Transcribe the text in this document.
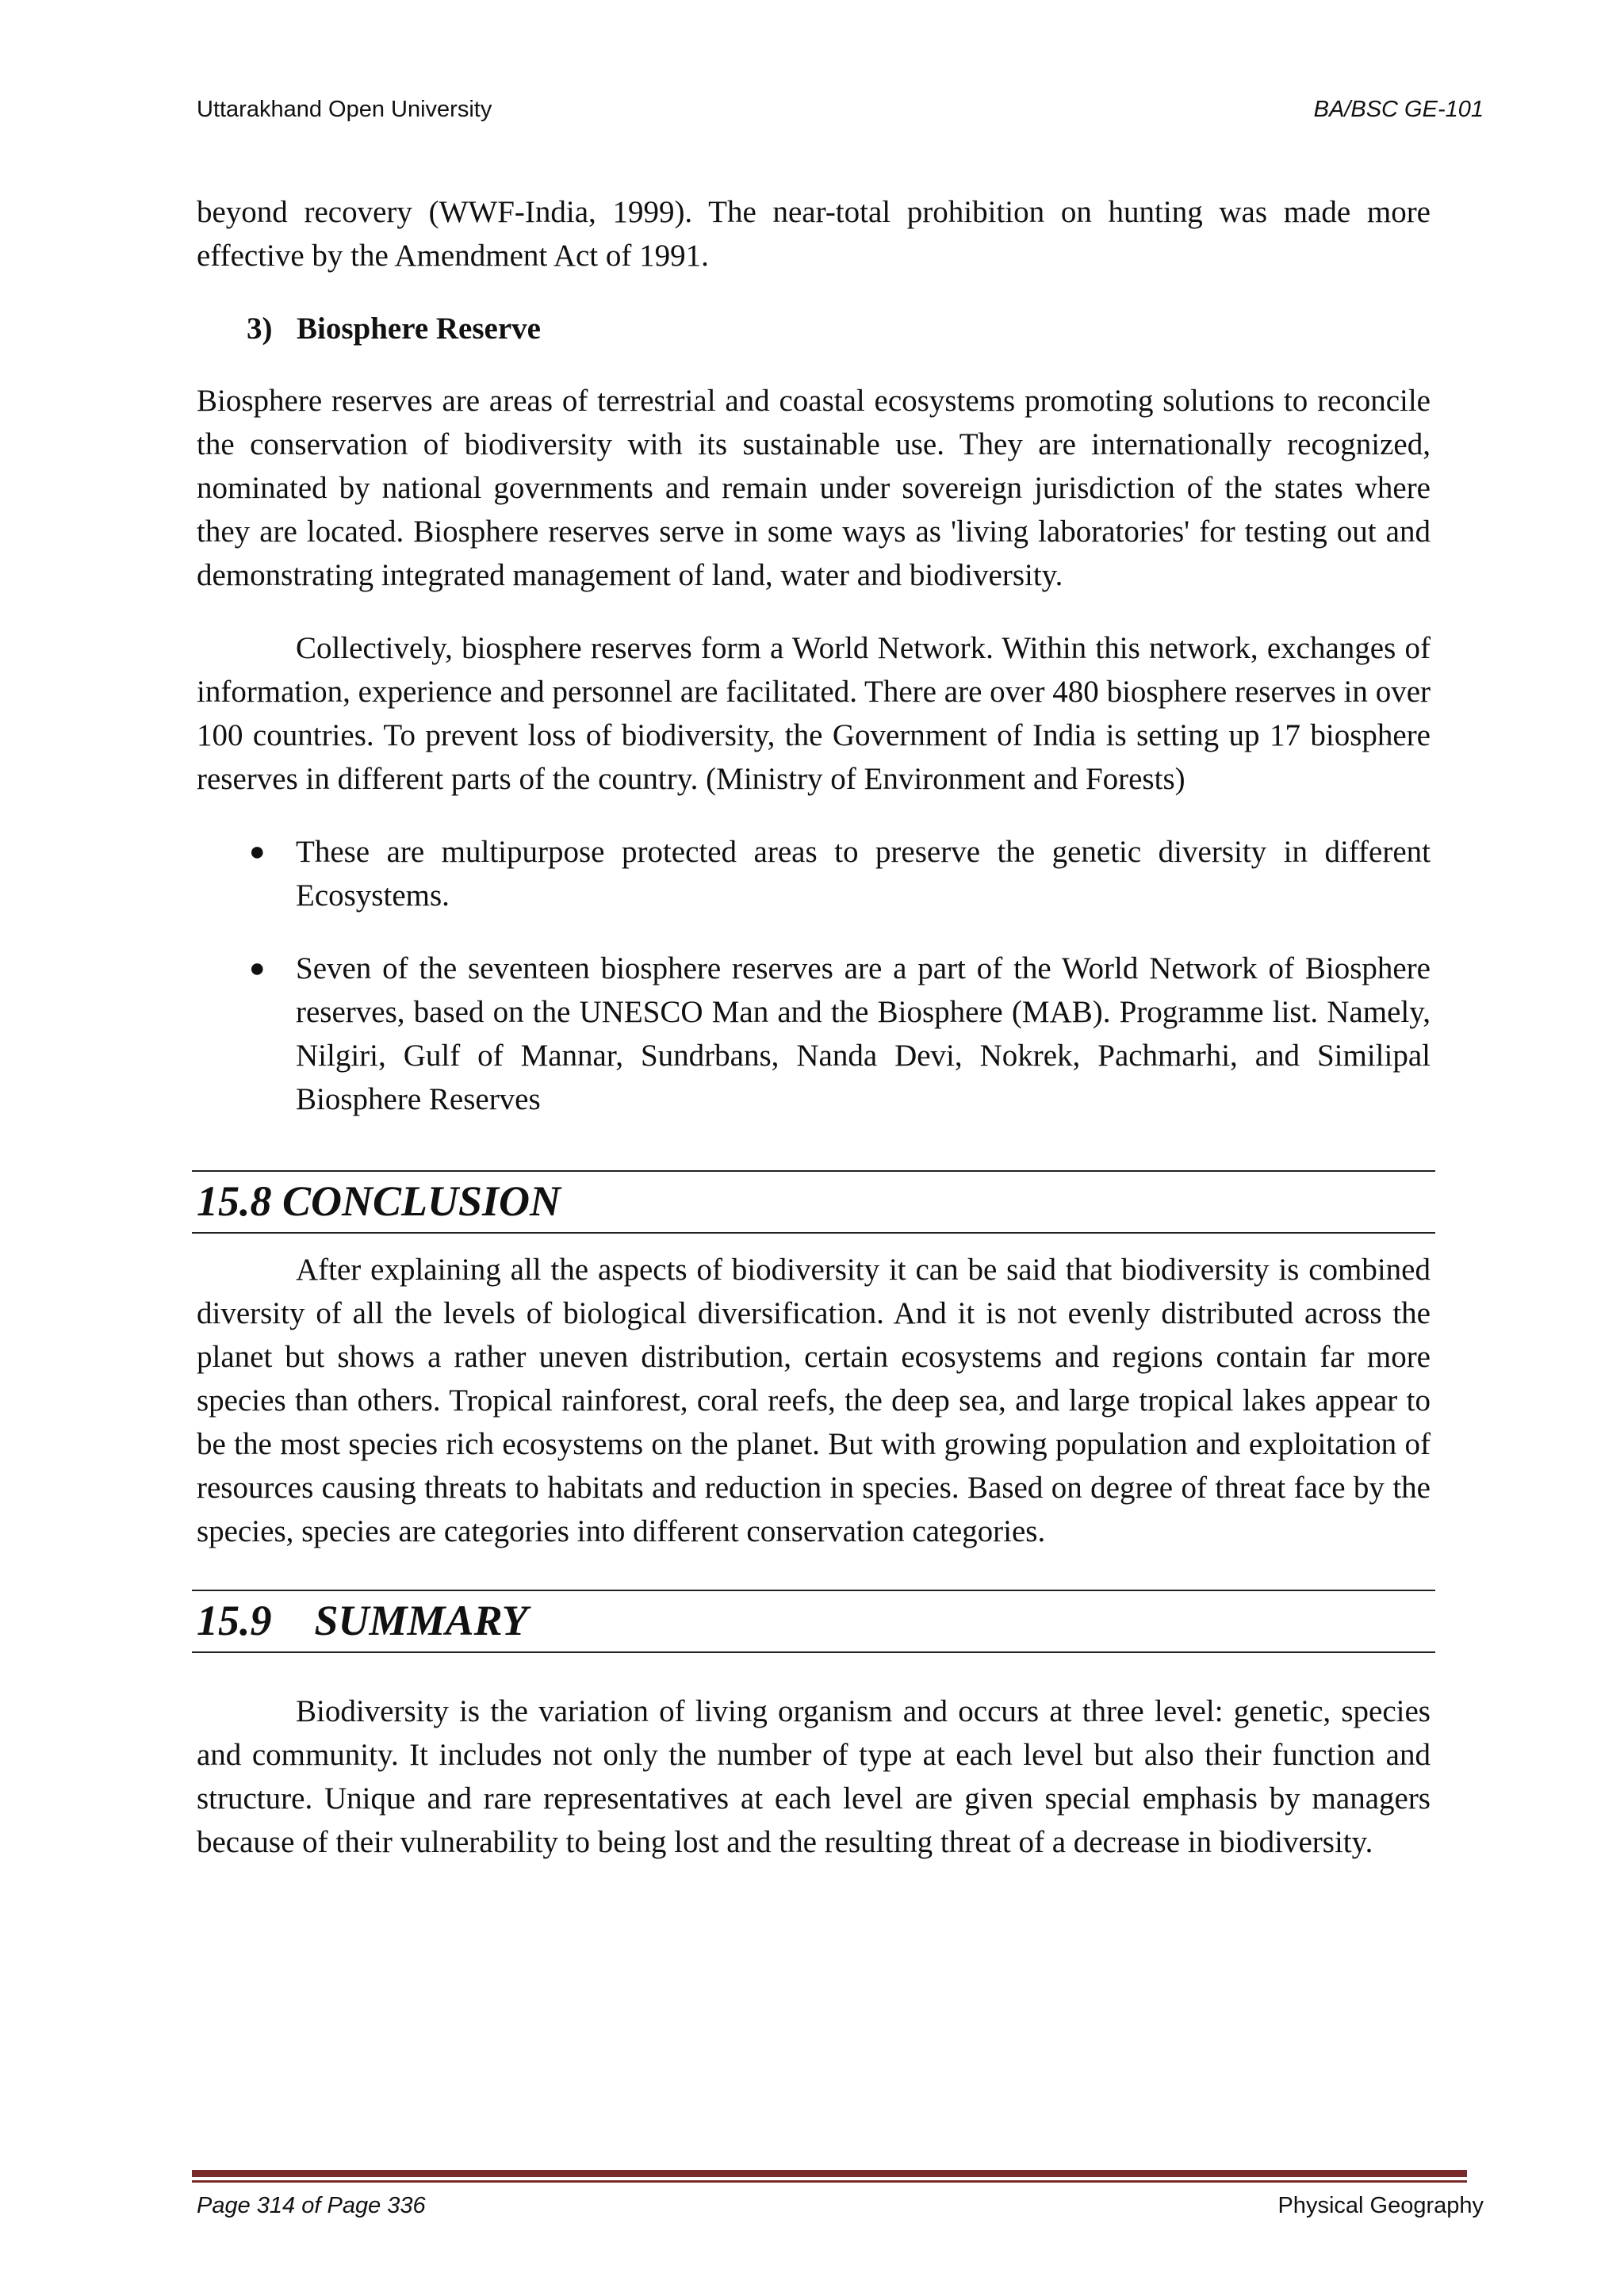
Uttarakhand Open University	BA/BSC GE-101

beyond recovery (WWF-India, 1999). The near-total prohibition on hunting was made more effective by the Amendment Act of 1991.

3) Biosphere Reserve

Biosphere reserves are areas of terrestrial and coastal ecosystems promoting solutions to reconcile the conservation of biodiversity with its sustainable use. They are internationally recognized, nominated by national governments and remain under sovereign jurisdiction of the states where they are located. Biosphere reserves serve in some ways as 'living laboratories' for testing out and demonstrating integrated management of land, water and biodiversity.

Collectively, biosphere reserves form a World Network. Within this network, exchanges of information, experience and personnel are facilitated. There are over 480 biosphere reserves in over 100 countries. To prevent loss of biodiversity, the Government of India is setting up 17 biosphere reserves in different parts of the country. (Ministry of Environment and Forests)

● These are multipurpose protected areas to preserve the genetic diversity in different Ecosystems.
● Seven of the seventeen biosphere reserves are a part of the World Network of Biosphere reserves, based on the UNESCO Man and the Biosphere (MAB). Programme list. Namely, Nilgiri, Gulf of Mannar, Sundrbans, Nanda Devi, Nokrek, Pachmarhi, and Similipal Biosphere Reserves
15.8 CONCLUSION

After explaining all the aspects of biodiversity it can be said that biodiversity is combined diversity of all the levels of biological diversification. And it is not evenly distributed across the planet but shows a rather uneven distribution, certain ecosystems and regions contain far more species than others. Tropical rainforest, coral reefs, the deep sea, and large tropical lakes appear to be the most species rich ecosystems on the planet. But with growing population and exploitation of resources causing threats to habitats and reduction in species. Based on degree of threat face by the species, species are categories into different conservation categories.

15.9 SUMMARY

Biodiversity is the variation of living organism and occurs at three level: genetic, species and community. It includes not only the number of type at each level but also their function and structure. Unique and rare representatives at each level are given special emphasis by managers because of their vulnerability to being lost and the resulting threat of a decrease in biodiversity.

Page 314 of Page 336	Physical Geography
